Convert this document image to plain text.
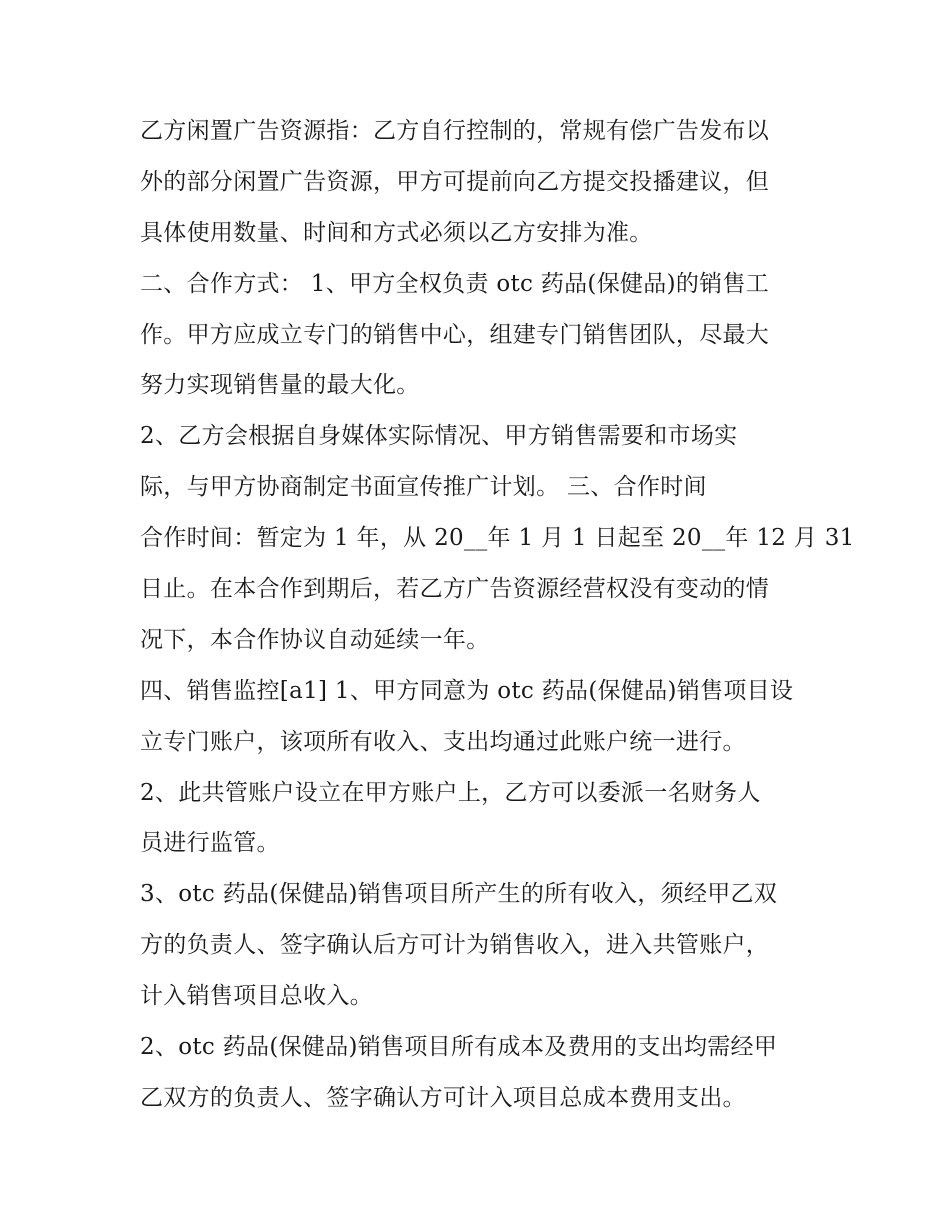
乙方闲置广告资源指：乙方自行控制的，常规有偿广告发布以
外的部分闲置广告资源，甲方可提前向乙方提交投播建议，但
具体使用数量、时间和方式必须以乙方安排为准。
二、合作方式： 1、甲方全权负责 otc 药品(保健品)的销售工
作。甲方应成立专门的销售中心，组建专门销售团队，尽最大
努力实现销售量的最大化。
2、乙方会根据自身媒体实际情况、甲方销售需要和市场实
际，与甲方协商制定书面宣传推广计划。 三、合作时间
合作时间：暂定为 1 年，从 20__年 1 月 1 日起至 20__年 12 月 31
日止。在本合作到期后，若乙方广告资源经营权没有变动的情
况下，本合作协议自动延续一年。
四、销售监控[a1] 1、甲方同意为 otc 药品(保健品)销售项目设
立专门账户，该项所有收入、支出均通过此账户统一进行。
2、此共管账户设立在甲方账户上，乙方可以委派一名财务人
员进行监管。
3、otc 药品(保健品)销售项目所产生的所有收入，须经甲乙双
方的负责人、签字确认后方可计为销售收入，进入共管账户，
计入销售项目总收入。
2、otc 药品(保健品)销售项目所有成本及费用的支出均需经甲
乙双方的负责人、签字确认方可计入项目总成本费用支出。
